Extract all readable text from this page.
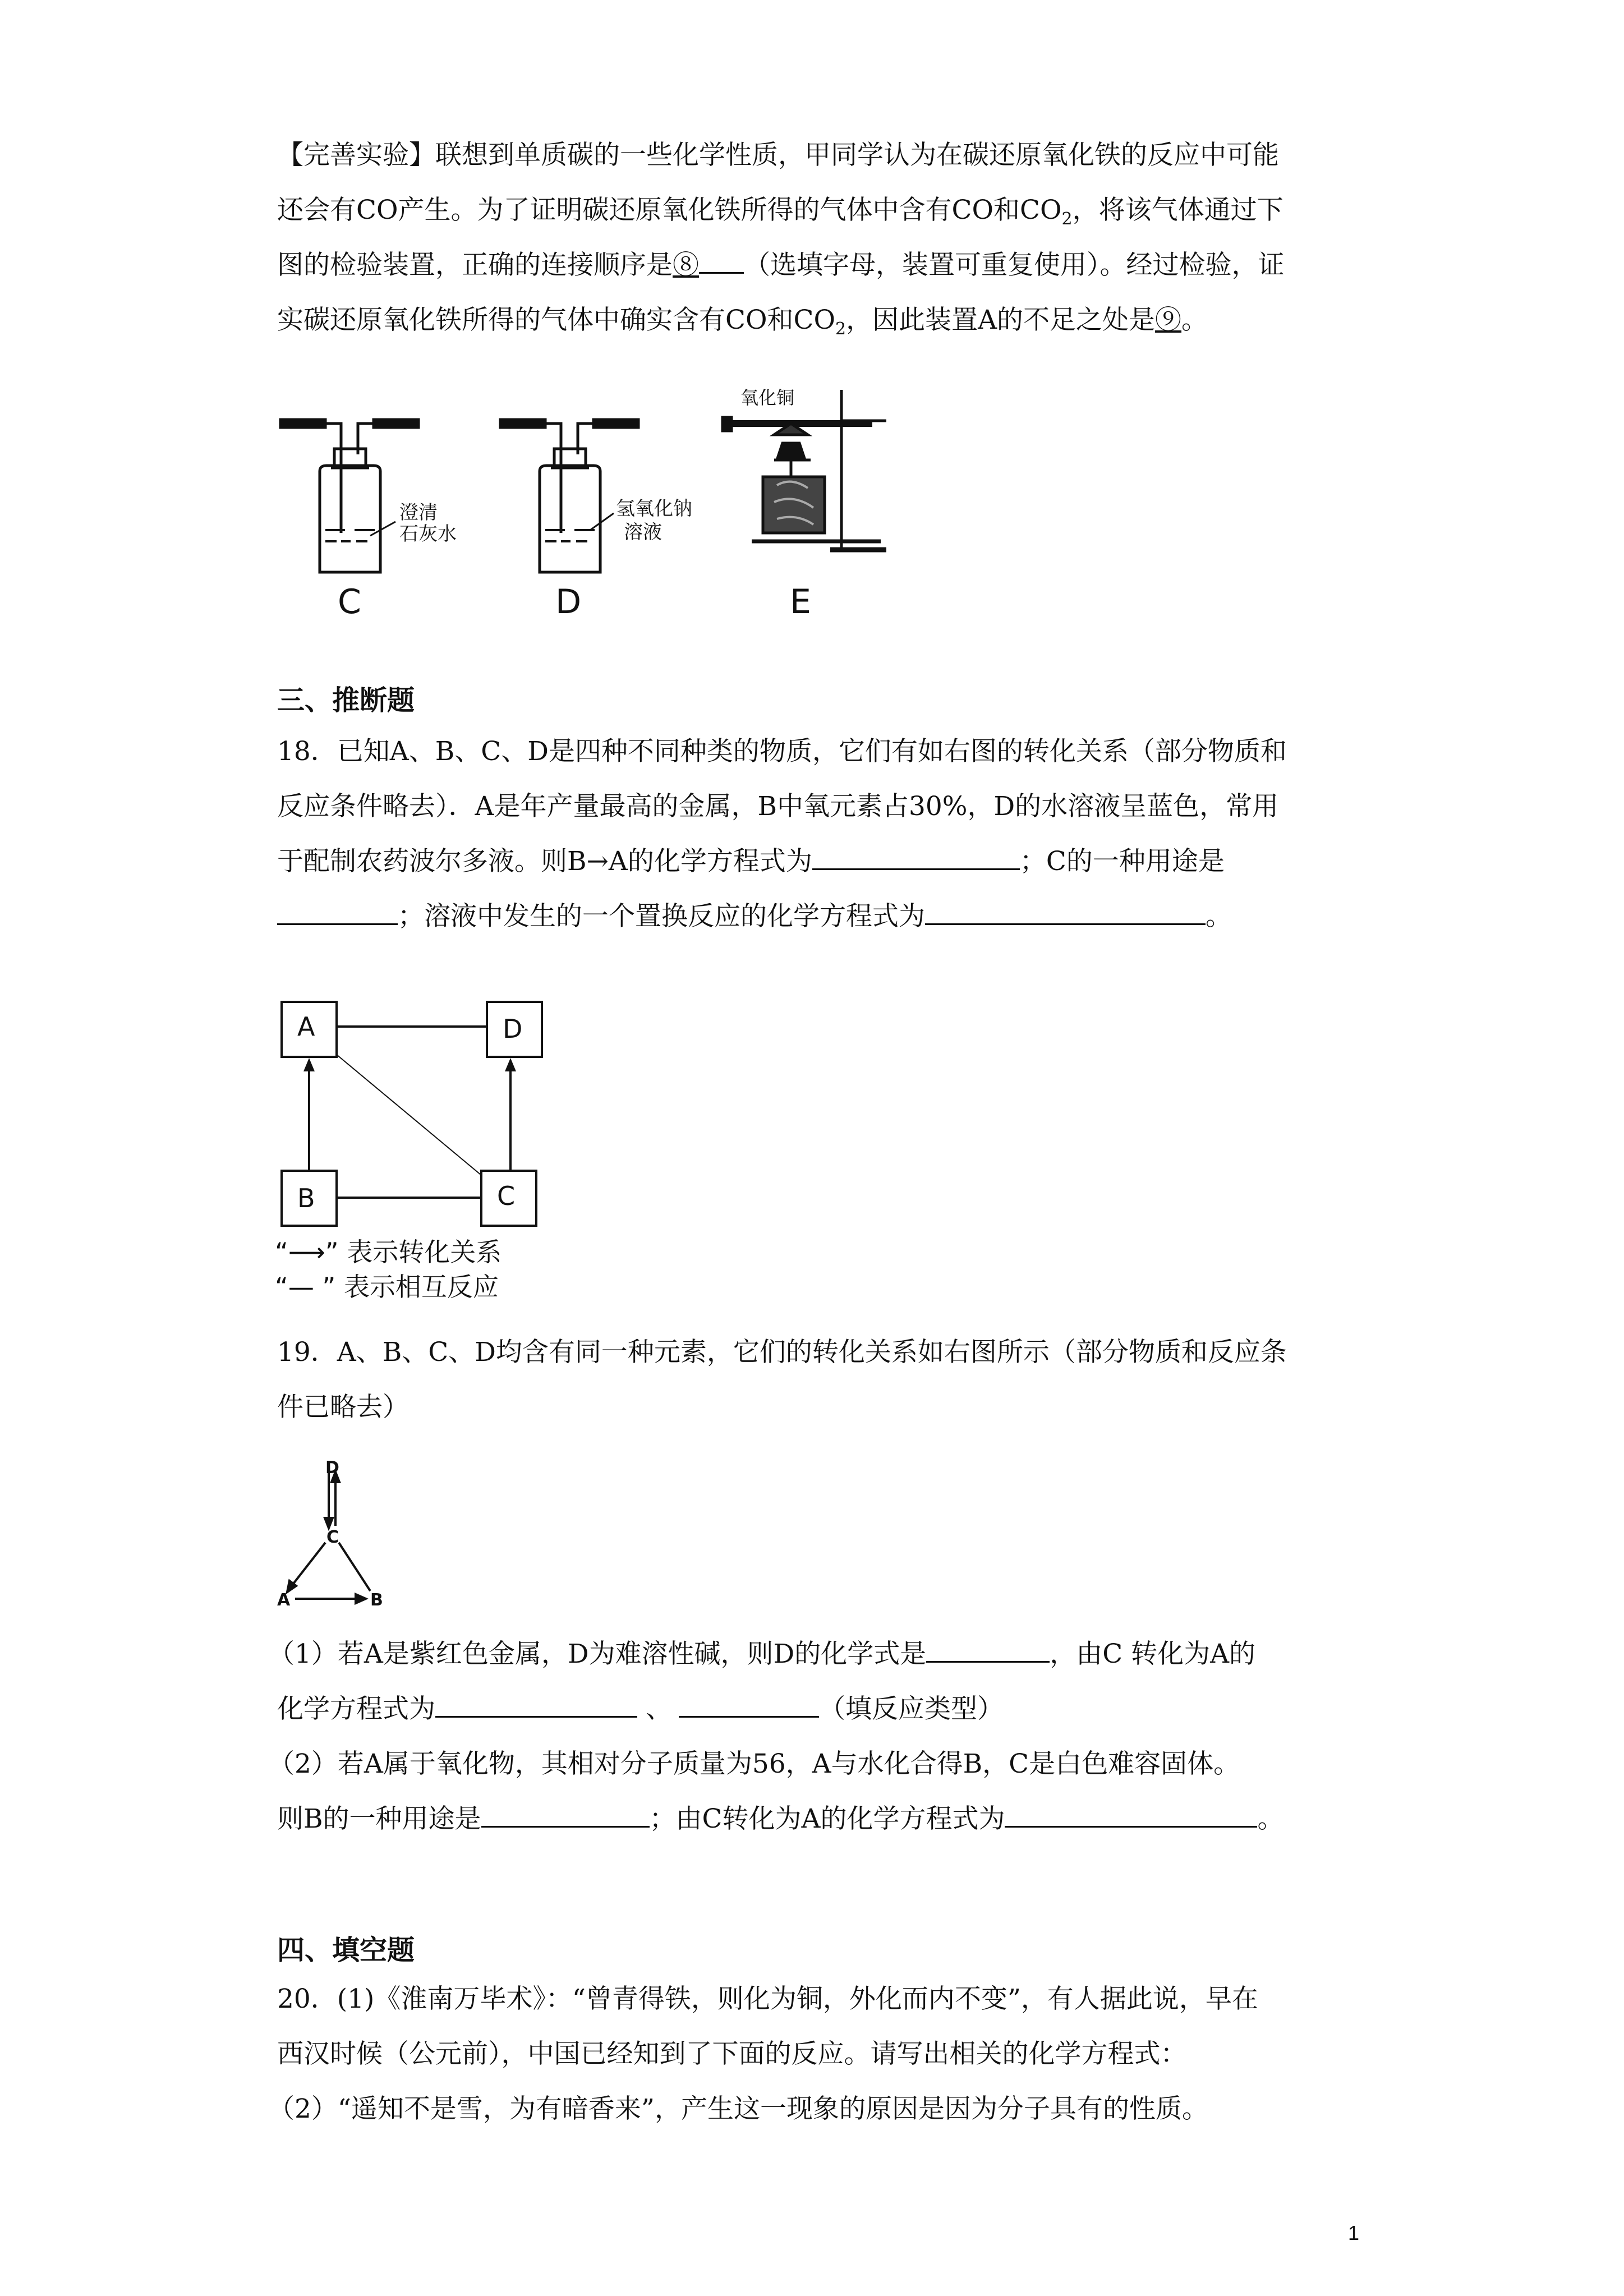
【完善实验】联想到单质碳的一些化学性质，甲同学认为在碳还原氧化铁的反应中可能
还会有CO产生。为了证明碳还原氧化铁所得的气体中含有CO和$CO_2$，将该气体通过下
图的检验装置，正确的连接顺序是⑧ （选填字母，装置可重复使用）。经过检验，证
实碳还原氧化铁所得的气体中确实含有CO和$CO_2$，因此装置A的不足之处是⑨。
澄清
石灰水
氢氧化钠
溶液
氧化铜
C	D	E
三、推断题
18．已知A、B、C、D是四种不同种类的物质，它们有如右图的转化关系（部分物质和
反应条件略去）．A是年产量最高的金属，B中氧元素占30%，D的水溶液呈蓝色，常用
于配制农药波尔多液。则B→A的化学方程式为	；C的一种用途是
；溶液中发生的一个置换反应的化学方程式为	。
A	D
B	C
“⟶” 表示转化关系
“— ” 表示相互反应
19．A、B、C、D均含有同一种元素，它们的转化关系如右图所示（部分物质和反应条
件已略去）
D
C
A	B
（1）若A是紫红色金属，D为难溶性碱，则D的化学式是	，由C 转化为A的
化学方程式为	、	（填反应类型）
（2）若A属于氧化物，其相对分子质量为56，A与水化合得B，C是白色难容固体。
则B的一种用途是	；由C转化为A的化学方程式为	。
四、填空题
20．(1)《淮南万毕术》：“曾青得铁，则化为铜，外化而内不变”，有人据此说，早在
西汉时候（公元前），中国已经知到了下面的反应。请写出相关的化学方程式：
（2）“遥知不是雪，为有暗香来”，产生这一现象的原因是因为分子具有的性质。
1
